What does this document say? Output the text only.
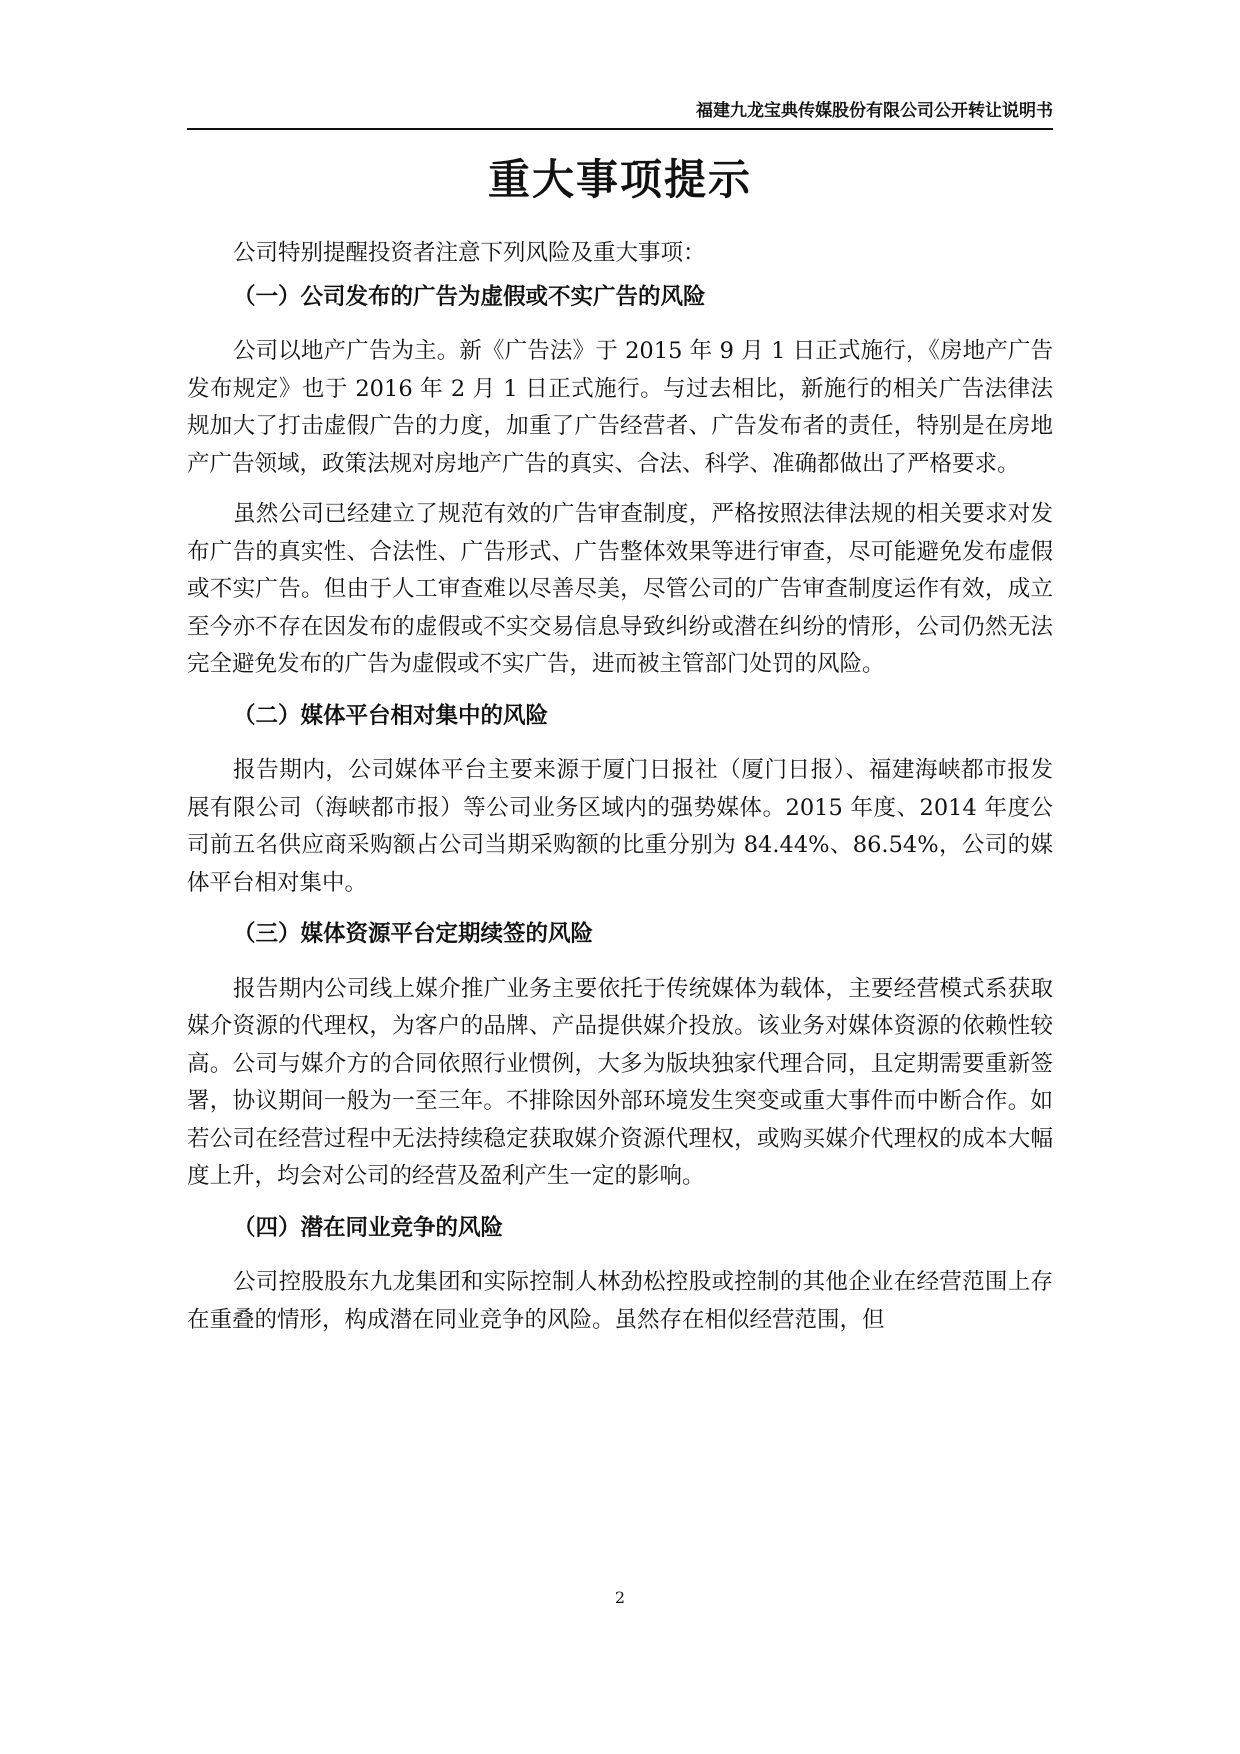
福建九龙宝典传媒股份有限公司公开转让说明书
重大事项提示

公司特别提醒投资者注意下列风险及重大事项：

（一）公司发布的广告为虚假或不实广告的风险

公司以地产广告为主。新《广告法》于 2015 年 9 月 1 日正式施行，《房地产广告发布规定》也于 2016 年 2 月 1 日正式施行。与过去相比，新施行的相关广告法律法规加大了打击虚假广告的力度，加重了广告经营者、广告发布者的责任，特别是在房地产广告领域，政策法规对房地产广告的真实、合法、科学、准确都做出了严格要求。

虽然公司已经建立了规范有效的广告审查制度，严格按照法律法规的相关要求对发布广告的真实性、合法性、广告形式、广告整体效果等进行审查，尽可能避免发布虚假或不实广告。但由于人工审查难以尽善尽美，尽管公司的广告审查制度运作有效，成立至今亦不存在因发布的虚假或不实交易信息导致纠纷或潜在纠纷的情形，公司仍然无法完全避免发布的广告为虚假或不实广告，进而被主管部门处罚的风险。

（二）媒体平台相对集中的风险

报告期内，公司媒体平台主要来源于厦门日报社（厦门日报）、福建海峡都市报发展有限公司（海峡都市报）等公司业务区域内的强势媒体。2015 年度、2014 年度公司前五名供应商采购额占公司当期采购额的比重分别为 84.44%、86.54%，公司的媒体平台相对集中。

（三）媒体资源平台定期续签的风险

报告期内公司线上媒介推广业务主要依托于传统媒体为载体，主要经营模式系获取媒介资源的代理权，为客户的品牌、产品提供媒介投放。该业务对媒体资源的依赖性较高。公司与媒介方的合同依照行业惯例，大多为版块独家代理合同，且定期需要重新签署，协议期间一般为一至三年。不排除因外部环境发生突变或重大事件而中断合作。如若公司在经营过程中无法持续稳定获取媒介资源代理权，或购买媒介代理权的成本大幅度上升，均会对公司的经营及盈利产生一定的影响。

（四）潜在同业竞争的风险

公司控股股东九龙集团和实际控制人林劲松控股或控制的其他企业在经营范围上存在重叠的情形，构成潜在同业竞争的风险。虽然存在相似经营范围，但

2
